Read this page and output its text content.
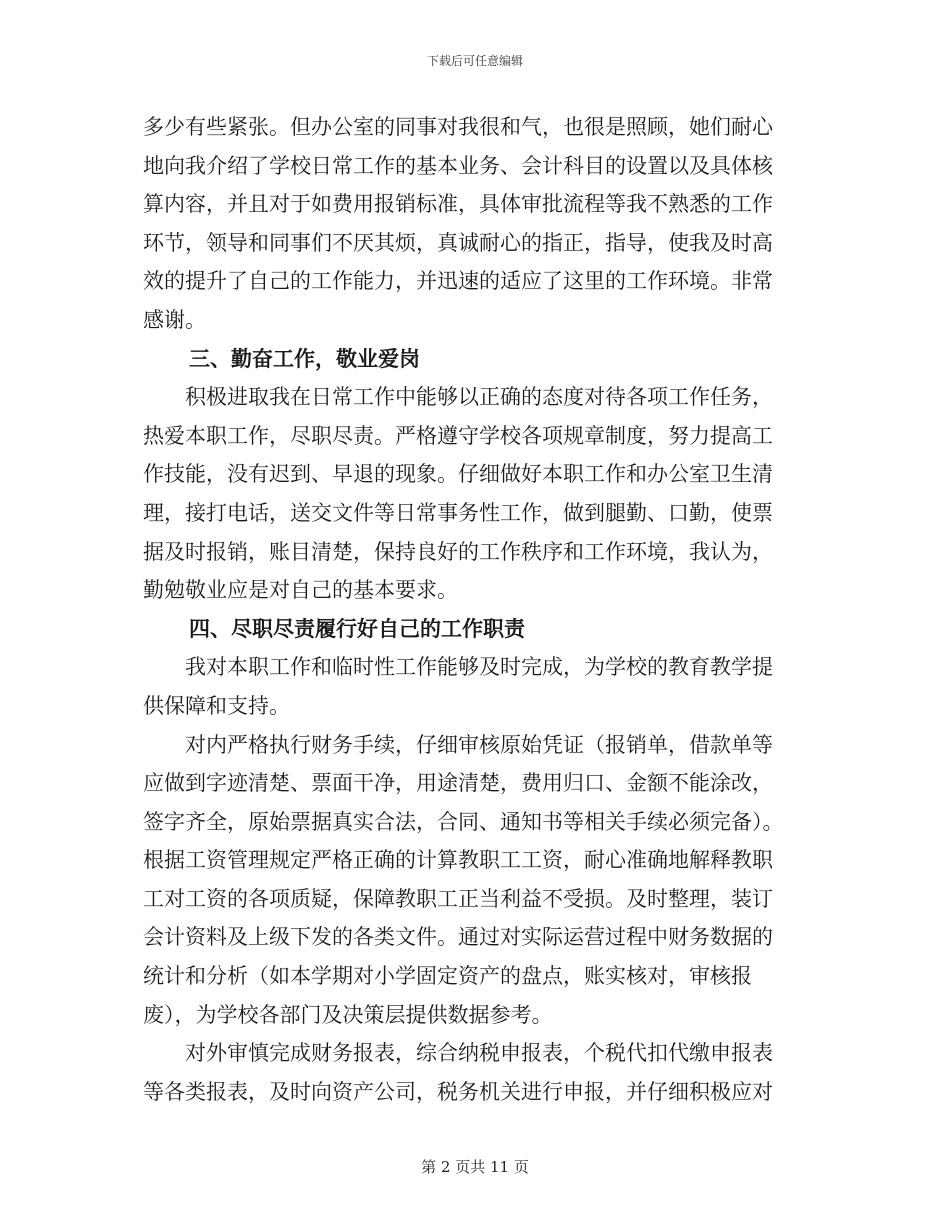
下载后可任意编辑
多少有些紧张。但办公室的同事对我很和气，也很是照顾，她们耐心
地向我介绍了学校日常工作的基本业务、会计科目的设置以及具体核
算内容，并且对于如费用报销标准，具体审批流程等我不熟悉的工作
环节，领导和同事们不厌其烦，真诚耐心的指正，指导，使我及时高
效的提升了自己的工作能力，并迅速的适应了这里的工作环境。非常
感谢。
三、勤奋工作，敬业爱岗
　　积极进取我在日常工作中能够以正确的态度对待各项工作任务，
热爱本职工作，尽职尽责。严格遵守学校各项规章制度，努力提高工
作技能，没有迟到、早退的现象。仔细做好本职工作和办公室卫生清
理，接打电话，送交文件等日常事务性工作，做到腿勤、口勤，使票
据及时报销，账目清楚，保持良好的工作秩序和工作环境，我认为，
勤勉敬业应是对自己的基本要求。
四、尽职尽责履行好自己的工作职责
　　我对本职工作和临时性工作能够及时完成，为学校的教育教学提
供保障和支持。
　　对内严格执行财务手续，仔细审核原始凭证（报销单，借款单等
应做到字迹清楚、票面干净，用途清楚，费用归口、金额不能涂改，
签字齐全，原始票据真实合法，合同、通知书等相关手续必须完备）。
根据工资管理规定严格正确的计算教职工工资，耐心准确地解释教职
工对工资的各项质疑，保障教职工正当利益不受损。及时整理，装订
会计资料及上级下发的各类文件。通过对实际运营过程中财务数据的
统计和分析（如本学期对小学固定资产的盘点，账实核对，审核报
废），为学校各部门及决策层提供数据参考。
　　对外审慎完成财务报表，综合纳税申报表，个税代扣代缴申报表
等各类报表，及时向资产公司，税务机关进行申报，并仔细积极应对
第 2 页共 11 页
